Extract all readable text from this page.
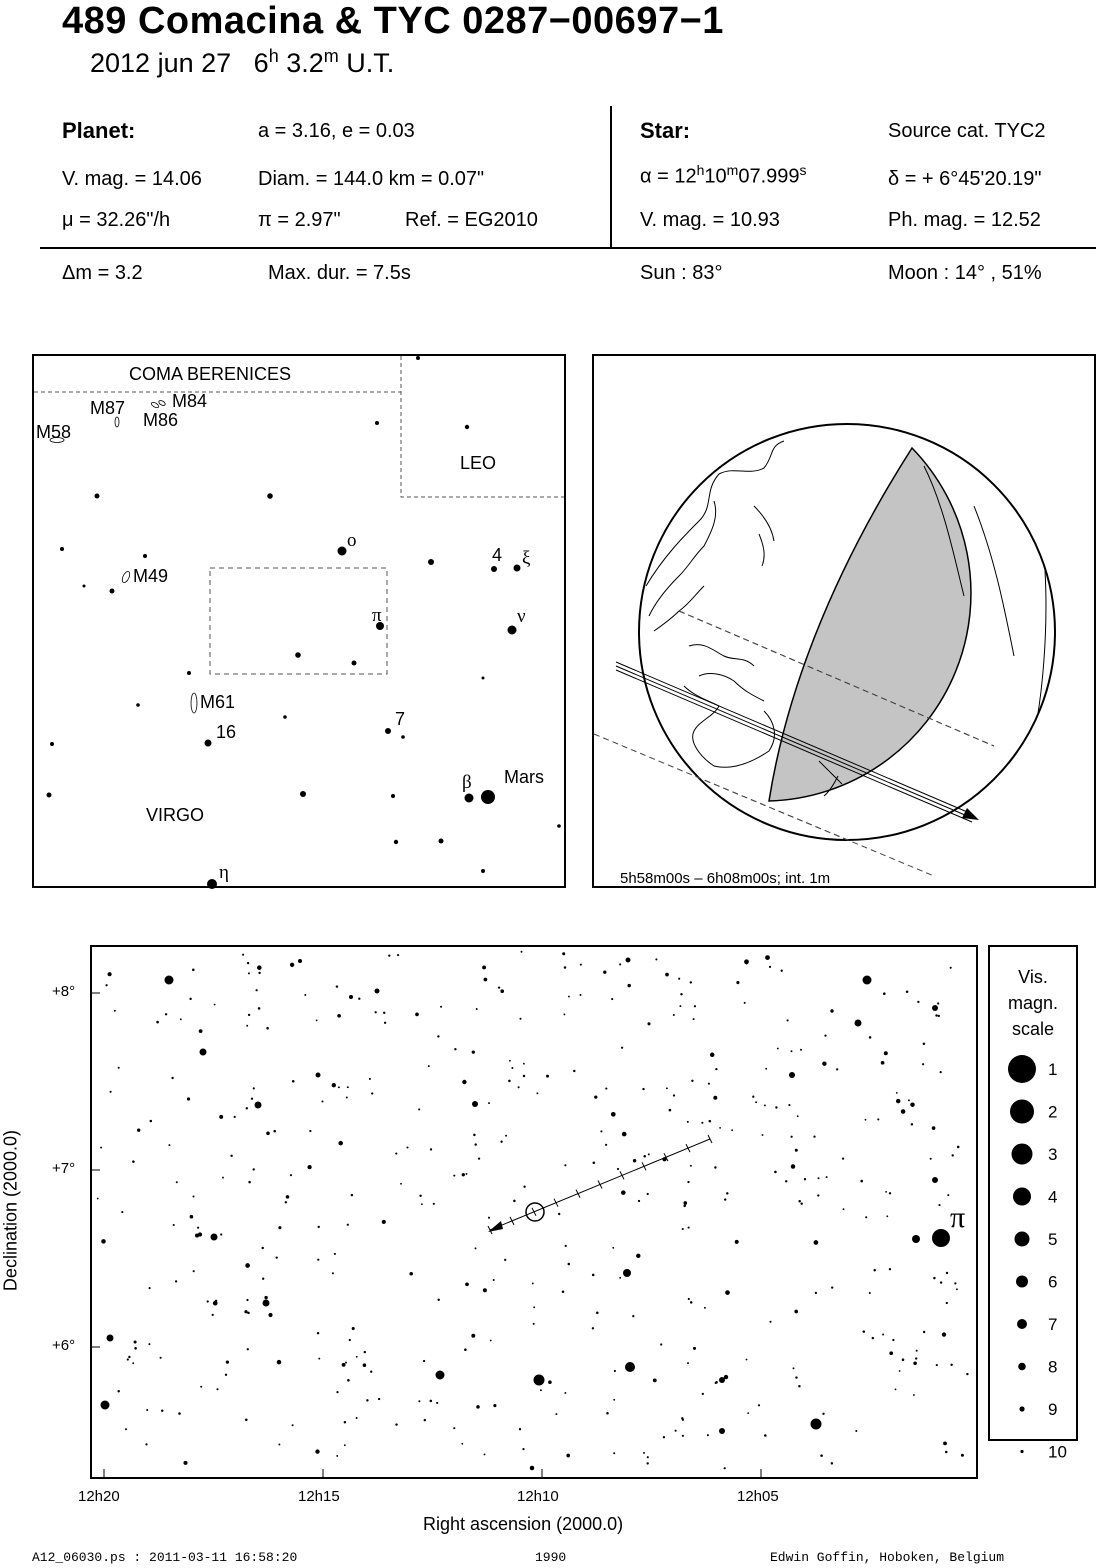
489 Comacina & TYC 0287−00697−1
2012 jun 27 6$^h$ 3.2$^m$ U.T.
Planet:	a = 3.16, e = 0.03
V. mag. = 14.06	Diam. = 144.0 km = 0.07"
μ = 32.26"/h	π = 2.97"	Ref. = EG2010
Δm = 3.2	Max. dur. = 7.5s
Star:	Source cat. TYC2
$\alpha = 12^h10^m07.999^s$	δ = + 6°45'20.19"
V. mag. = 10.93	Ph. mag. = 12.52
Sun : 83°	Moon : 14° , 51%
COMA BERENICES
LEO
VIRGO
M87	M84
M86
M58
M49
M61
4
7
16
Mars
ο
ξ
π	ν
β
η	5h58m00s – 6h08m00s; int. 1m
π
+8°
+7°
+6°
12h20	12h15	12h10	12h05
Right ascension (2000.0)
Declination (2000.0)
Vis.
magn.
scale
1
2
3
4
5
6
7
8
9
10
A12_06030.ps : 2011-03-11 16:58:20	1990	Edwin Goffin, Hoboken, Belgium
